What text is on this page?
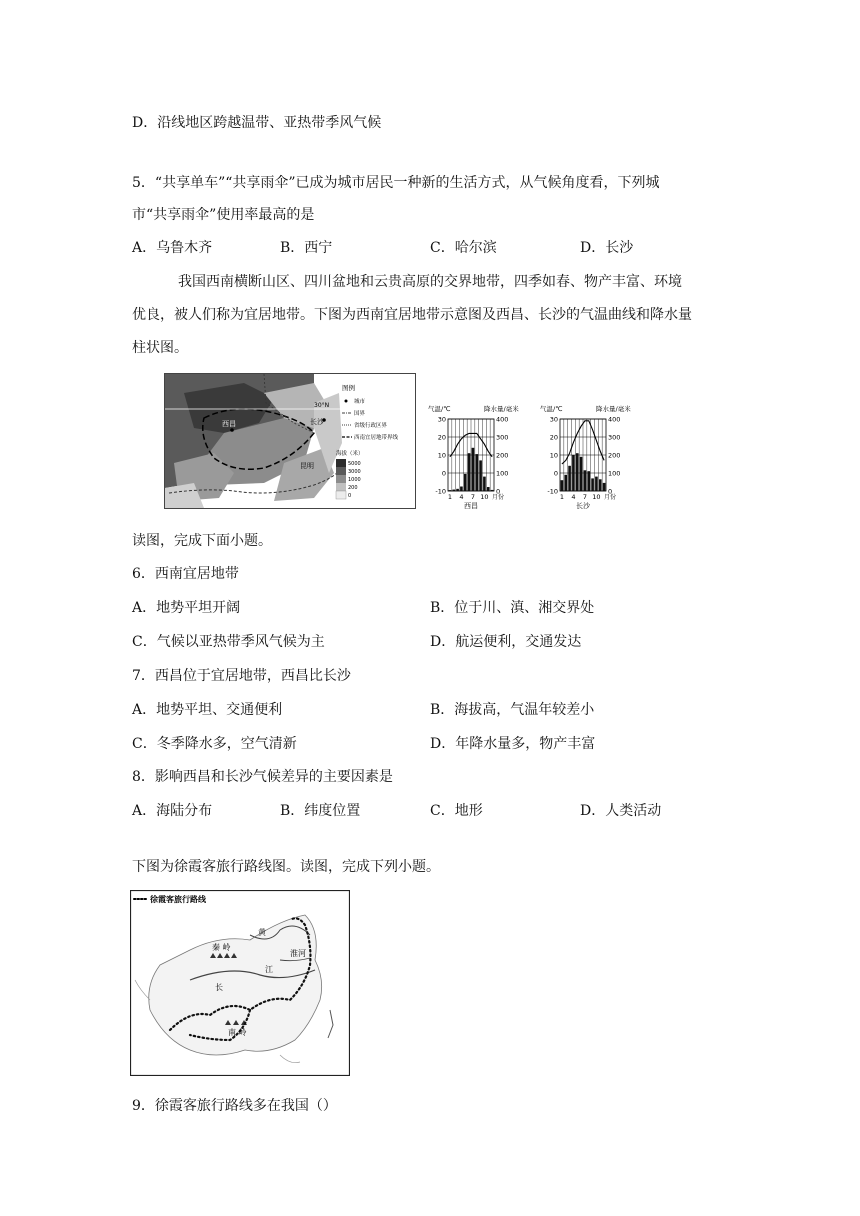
D．沿线地区跨越温带、亚热带季风气候
5．“共享单车”“共享雨伞”已成为城市居民一种新的生活方式，从气候角度看，下列城
市“共享雨伞”使用率最高的是
A．乌鲁木齐	B．西宁	C．哈尔滨	D．长沙
我国西南横断山区、四川盆地和云贵高原的交界地带，四季如春、物产丰富、环境
优良，被人们称为宜居地带。下图为西南宜居地带示意图及西昌、长沙的气温曲线和降水量
柱状图。
30°N
长沙
西昌
昆明
图例
城市
国界
省级行政区界
西南宜居地带界线
海拔（米）
5000
3000
1000
200
0
气温/℃	降水量/毫米
30
20
10
0
-10
400
300
200
100
0
1 4 7 10 月份
西昌
气温/℃	降水量/毫米
30
20
10
0
-10
400
300
200
100
0
1 4 7 10 月份
长沙
读图，完成下面小题。
6．西南宜居地带
A．地势平坦开阔	B．位于川、滇、湘交界处
C．气候以亚热带季风气候为主	D．航运便利，交通发达
7．西昌位于宜居地带，西昌比长沙
A．地势平坦、交通便利	B．海拔高，气温年较差小
C．冬季降水多，空气清新	D．年降水量多，物产丰富
8．影响西昌和长沙气候差异的主要因素是
A．海陆分布	B．纬度位置	C．地形	D．人类活动
下图为徐霞客旅行路线图。读图，完成下列小题。
徐霞客旅行路线
黄
秦 岭
江
淮河
长
南 岭
9．徐霞客旅行路线多在我国（）
